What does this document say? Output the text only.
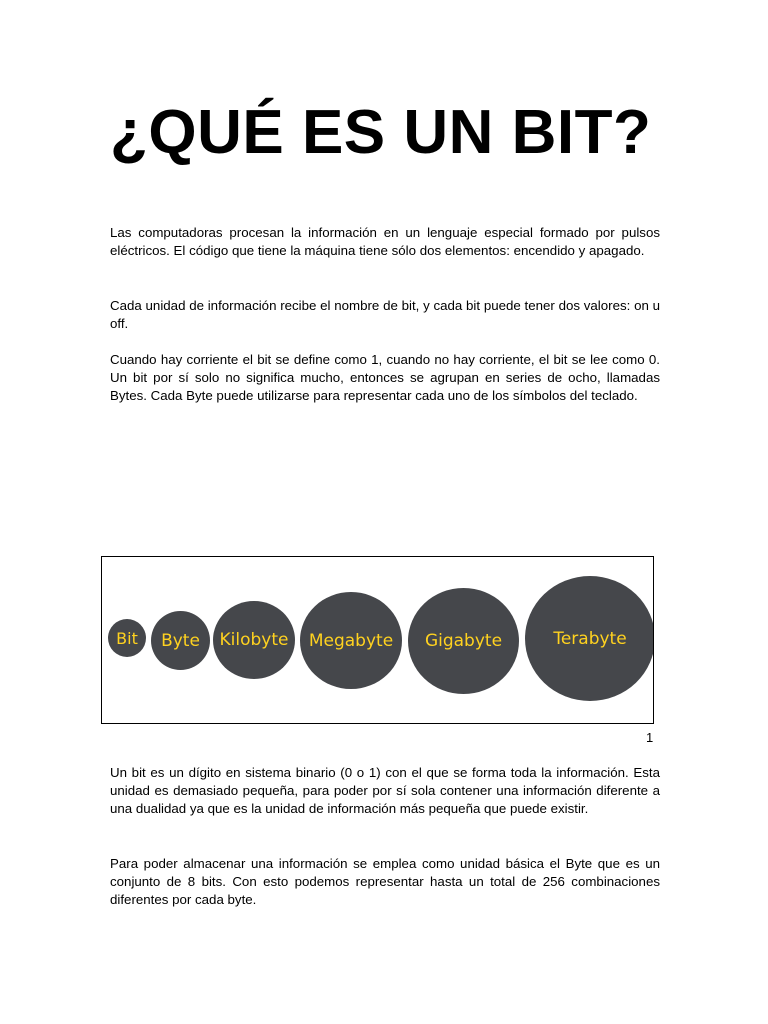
¿QUÉ ES UN BIT?

Las computadoras procesan la información en un lenguaje especial formado por pulsos eléctricos. El código que tiene la máquina tiene sólo dos elementos: encendido y apagado.

Cada unidad de información recibe el nombre de bit, y cada bit puede tener dos valores: on u off.

Cuando hay corriente el bit se define como 1, cuando no hay corriente, el bit se lee como 0. Un bit por sí solo no significa mucho, entonces se agrupan en series de ocho, llamadas Bytes. Cada Byte puede utilizarse para representar cada uno de los símbolos del teclado.

Bit	Byte	Kilobyte	Megabyte	Gigabyte	Terabyte
1

Un bit es un dígito en sistema binario (0 o 1) con el que se forma toda la información. Esta unidad es demasiado pequeña, para poder por sí sola contener una información diferente a una dualidad ya que es la unidad de información más pequeña que puede existir.

Para poder almacenar una información se emplea como unidad básica el Byte que es un conjunto de 8 bits. Con esto podemos representar hasta un total de 256 combinaciones diferentes por cada byte.
